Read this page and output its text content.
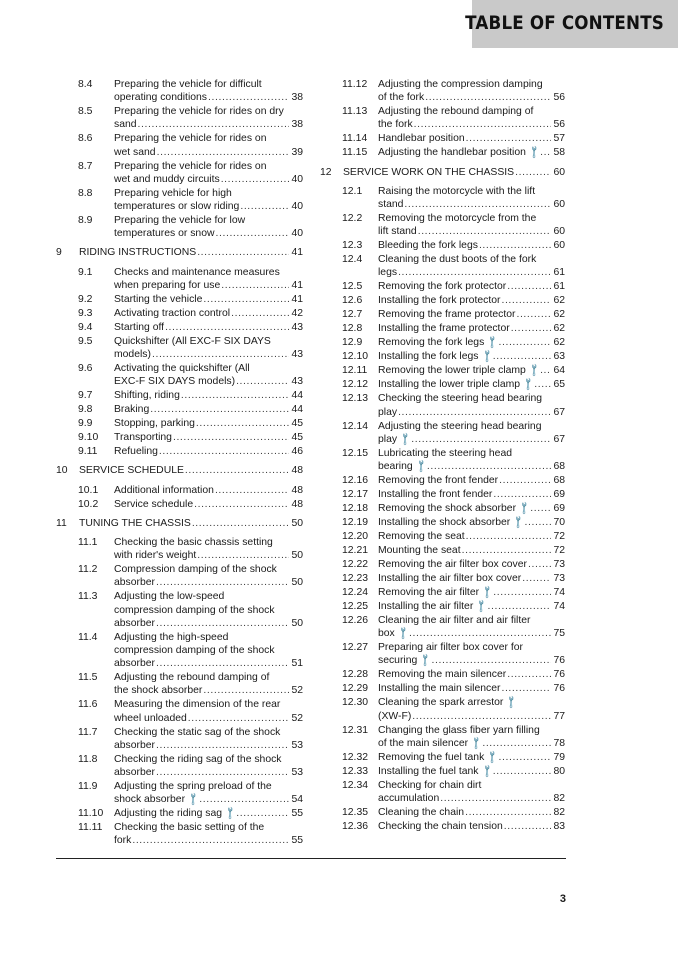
TABLE OF CONTENTS
8.4	Preparing the vehicle for difficult
operating conditions .....	38
8.5	Preparing the vehicle for rides on dry
sand .....	38
8.6	Preparing the vehicle for rides on
wet sand .....	39
8.7	Preparing the vehicle for rides on
wet and muddy circuits .....	40
8.8	Preparing vehicle for high
temperatures or slow riding .....	40
8.9	Preparing the vehicle for low
temperatures or snow .....	40
9	RIDING INSTRUCTIONS .....	41
9.1	Checks and maintenance measures
when preparing for use .....	41
9.2	Starting the vehicle .....	41
9.3	Activating traction control .....	42
9.4	Starting off .....	43
9.5	Quickshifter (All EXC-F SIX DAYS
models) .....	43
9.6	Activating the quickshifter (All
EXC-F SIX DAYS models) .....	43
9.7	Shifting, riding .....	44
9.8	Braking .....	44
9.9	Stopping, parking .....	45
9.10	Transporting .....	45
9.11	Refueling .....	46
10	SERVICE SCHEDULE .....	48
10.1	Additional information .....	48
10.2	Service schedule .....	48
11	TUNING THE CHASSIS .....	50
11.1	Checking the basic chassis setting
with rider's weight .....	50
11.2	Compression damping of the shock
absorber .....	50
11.3	Adjusting the low-speed
compression damping of the shock
absorber .....	50
11.4	Adjusting the high-speed
compression damping of the shock
absorber .....	51
11.5	Adjusting the rebound damping of
the shock absorber .....	52
11.6	Measuring the dimension of the rear
wheel unloaded .....	52
11.7	Checking the static sag of the shock
absorber .....	53
11.8	Checking the riding sag of the shock
absorber .....	53
11.9	Adjusting the spring preload of the
shock absorber 🔧 .....	54
11.10	Adjusting the riding sag 🔧 .....	55
11.11	Checking the basic setting of the
fork .....	55
11.12	Adjusting the compression damping
of the fork .....	56
11.13	Adjusting the rebound damping of
the fork .....	56
11.14	Handlebar position .....	57
11.15	Adjusting the handlebar position 🔧 ..... 58
12	SERVICE WORK ON THE CHASSIS .....	60
12.1	Raising the motorcycle with the lift
stand .....	60
12.2	Removing the motorcycle from the
lift stand .....	60
12.3	Bleeding the fork legs .....	60
12.4	Cleaning the dust boots of the fork
legs .....	61
12.5	Removing the fork protector .....	61
12.6	Installing the fork protector .....	62
12.7	Removing the frame protector .....	62
12.8	Installing the frame protector .....	62
12.9	Removing the fork legs 🔧 .....	62
12.10 Installing the fork legs 🔧 .....	63
12.11	Removing the lower triple clamp 🔧 ..... 64
12.12 Installing the lower triple clamp 🔧 ..... 65
12.13 Checking the steering head bearing
play .....	67
12.14 Adjusting the steering head bearing
play 🔧 .....	67
12.15 Lubricating the steering head
bearing 🔧 .....	68
12.16 Removing the front fender .....	68
12.17 Installing the front fender .....	69
12.18 Removing the shock absorber 🔧 ..... 69
12.19 Installing the shock absorber 🔧 .....	70
12.20 Removing the seat .....	72
12.21 Mounting the seat .....	72
12.22 Removing the air filter box cover .....	73
12.23 Installing the air filter box cover .....	73
12.24 Removing the air filter 🔧 .....	74
12.25 Installing the air filter 🔧 .....	74
12.26 Cleaning the air filter and air filter
box 🔧 .....	75
12.27 Preparing air filter box cover for
securing 🔧 .....	76
12.28 Removing the main silencer .....	76
12.29 Installing the main silencer .....	76
12.30 Cleaning the spark arrestor🔧
(XW-F) .....	77
12.31 Changing the glass fiber yarn filling
of the main silencer 🔧 .....	78
12.32 Removing the fuel tank 🔧 .....	79
12.33 Installing the fuel tank 🔧 .....	80
12.34 Checking for chain dirt
accumulation .....	82
12.35 Cleaning the chain .....	82
12.36 Checking the chain tension .....	83
3
